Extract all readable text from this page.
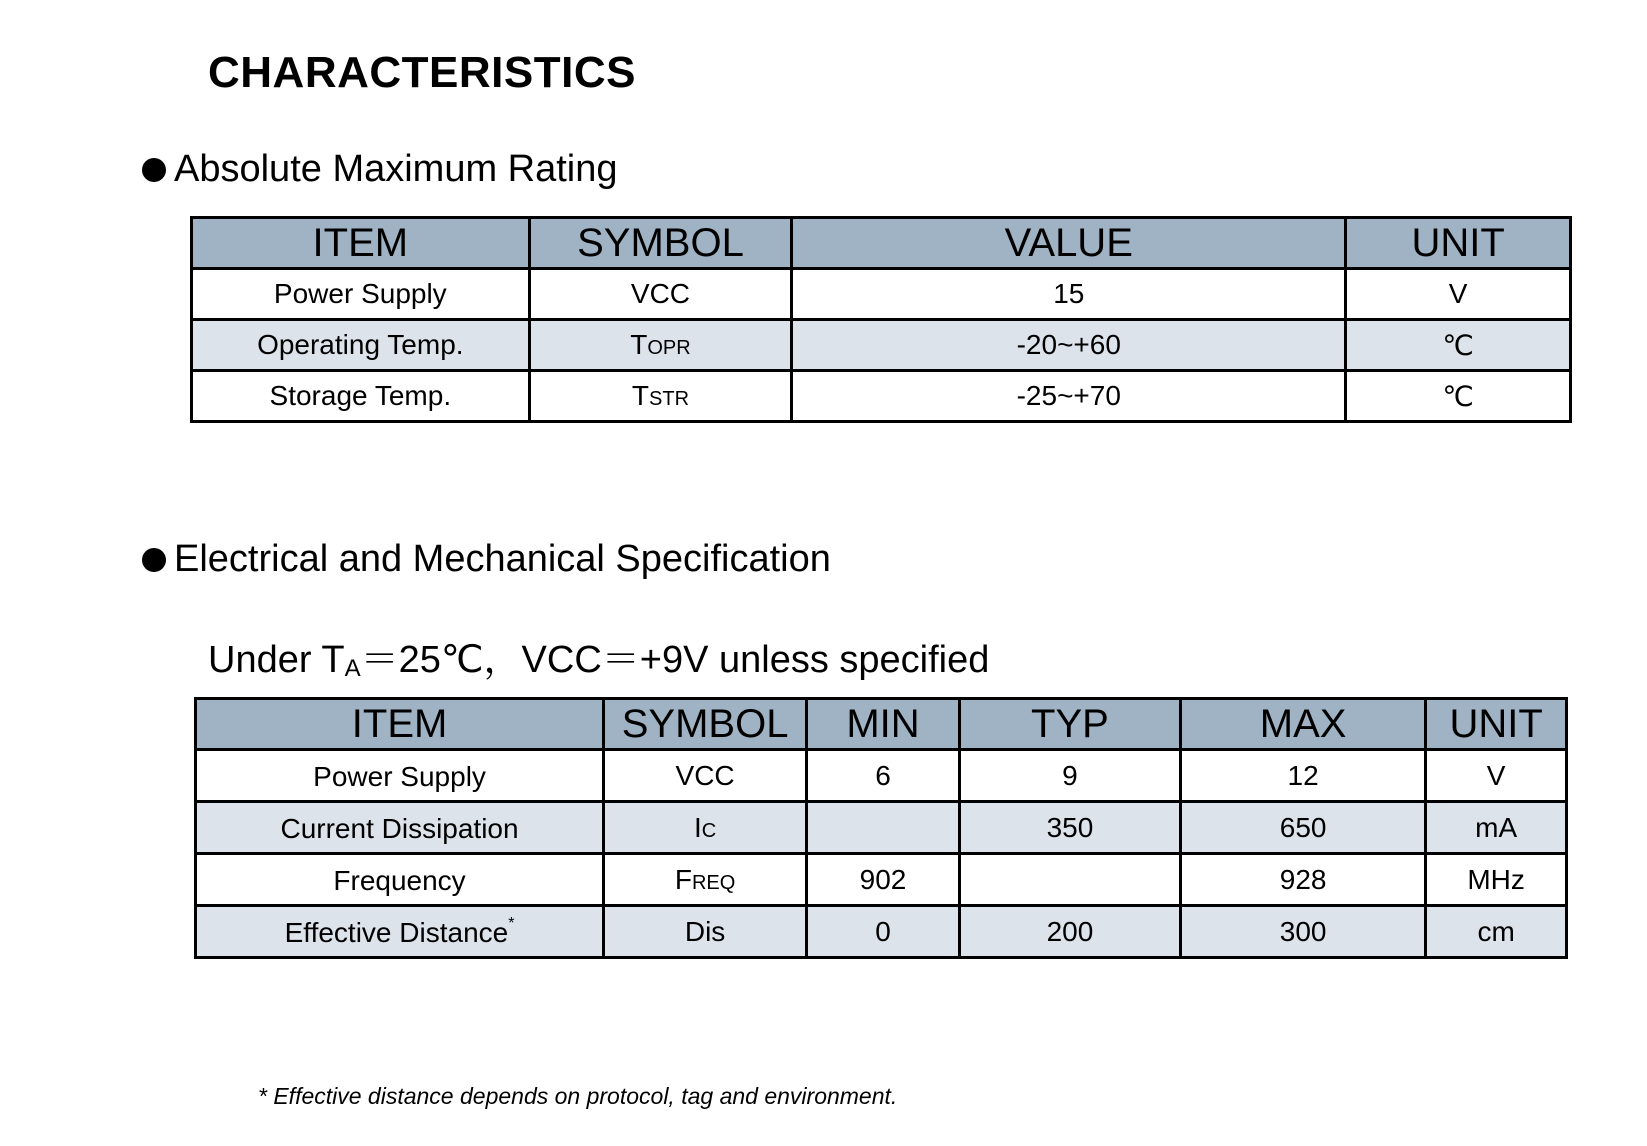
CHARACTERISTICS
Absolute Maximum Rating
ITEM	SYMBOL	VALUE	UNIT
Power Supply	VCC	15	V
Operating Temp.	TOPR	-20~+60	℃
Storage Temp.	TSTR	-25~+70	℃
Electrical and Mechanical Specification
Under $T_A=25℃$，VCC＝+9V unless specified
ITEM	SYMBOL	MIN	TYP	MAX	UNIT
Power Supply	VCC	6	9	12	V
Current Dissipation	IC		350	650	mA
Frequency	FREQ	902		928	MHz
Effective Distance*	Dis	0	200	300	cm
* Effective distance depends on protocol, tag and environment.
